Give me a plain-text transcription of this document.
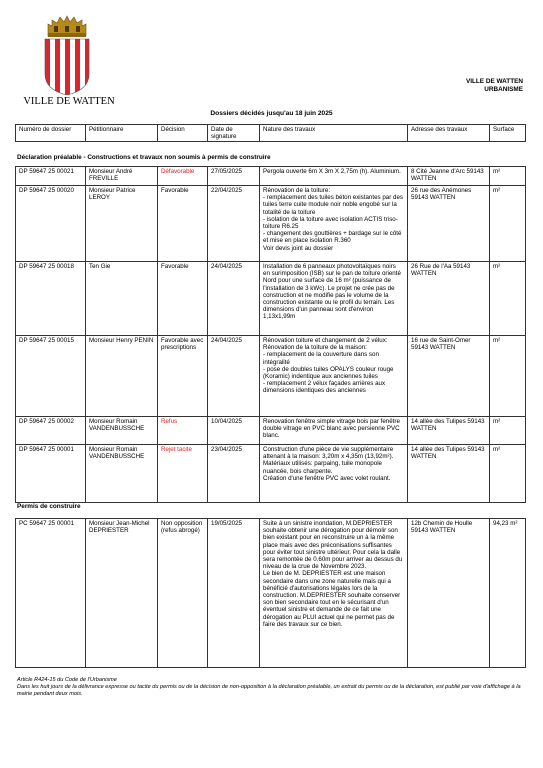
VILLE DE WATTEN
VILLE DE WATTEN
URBANISME
Dossiers décidés jusqu'au 18 juin 2025
Numéro de dossier	Pétitionnaire	Décision	Date de signature	Nature des travaux	Adresse des travaux	Surface
Déclaration préalable - Constructions et travaux non soumis à permis de construire
DP 59647 25 00021	Monsieur André FREVILLE	Défavorable	27/05/2025	Pergola ouverte 6m X 3m X 2,75m (h). Aluminium.	8 Cité Jeanne d'Arc 59143 WATTEN	m²
DP 59647 25 00020	Monsieur Patrice LEROY	Favorable	22/04/2025	Rénovation de la toiture:
- remplacement des tuiles béton existantes par des tuiles terre cuite module noir noble engobé sur la totalité de la toiture
- isolation de la toiture avec isolation ACTIS triso-toiture R6.25
- changement des gouttières + bardage sur le côté et mise en place isolation R.360
Voir devis joint au dossier	26 rue des Anémones 59143 WATTEN	m²
DP 59647 25 00018	Ten Gie	Favorable	24/04/2025	Installation de 6 panneaux photovoltaïques noirs en surimposition (ISB) sur le pan de toiture orienté Nord pour une surface de 16 m² (puissance de l'installation de 3 kWc). Le projet ne crée pas de construction et ne modifie pas le volume de la construction existante ou le profil du terrain. Les dimensions d'un panneau sont d'environ 1,13x1,99m	26 Rue de l'Aa 59143 WATTEN	m²
DP 59647 25 00015	Monsieur Henry PENIN	Favorable avec prescriptions	24/04/2025	Rénovation toiture et changement de 2 vélux:
Rénovation de la toiture de la maison:
- remplacement de la couverture dans son intégralité
- pose de doubles tuiles OPALYS couleur rouge (Koramic) indentique aux anciennes tuiles
- remplacement 2 vélux façades arrières aux dimensions identiques des anciennes	16 rue de Saint-Omer 59143 WATTEN	m²
DP 59647 25 00002	Monsieur Romain VANDENBUSSCHE	Refus	10/04/2025	Renovation fenêtre simple vitrage bois par fenêtre double vitrage en PVC blanc avec persienne PVC blanc.	14 allée des Tulipes 59143 WATTEN	m²
DP 59647 25 00001	Monsieur Romain VANDENBUSSCHE	Rejet tacite	23/04/2025	Construction d'une pièce de vie supplémentaire attenant à la maison: 3,20m x 4,35m (13,92m²).
Matériaux utilisés: parpaing, tuile monopole nuancée, bois charpente.
Création d'une fenêtre PVC avec volet roulant.	14 allée des Tulipes 59143 WATTEN	m²
Permis de construire
PC 59647 25 00001	Monsieur Jean-Michel DEPRIESTER	Non opposition (refus abrogé)	19/05/2025	Suite à un sinistre inondation, M.DEPRIESTER souhaite obtenir une dérogation pour démolir son bien existant pour en reconstruire un à la même place mais avec des préconisations suffisantes pour éviter tout sinistre ultérieur. Pour cela la dalle sera remontée de 0.60m pour arriver au dessus du niveau de la crue de Novembre 2023.
Le bien de M. DEPRIESTER est une maison secondaire dans une zone naturelle mais qui a bénéficié d'autorisations légales lors de la construction. M.DEPRIESTER souhaite conserver son bien secondaire tout en le sécurisant d'un éventuel sinistre et demande de ce fait une dérogation au PLUI actuel qui ne permet pas de faire des travaux sur ce bien.	12b Chemin de Houlle 59143 WATTEN	94,23 m²
Article R424-15 du Code de l'Urbanisme
Dans les huit jours de la délivrance expresse ou tacite du permis ou de la décision de non-opposition à la déclaration préalable, un extrait du permis ou de la déclaration, est publié par voie d'affichage à la mairie pendant deux mois.
